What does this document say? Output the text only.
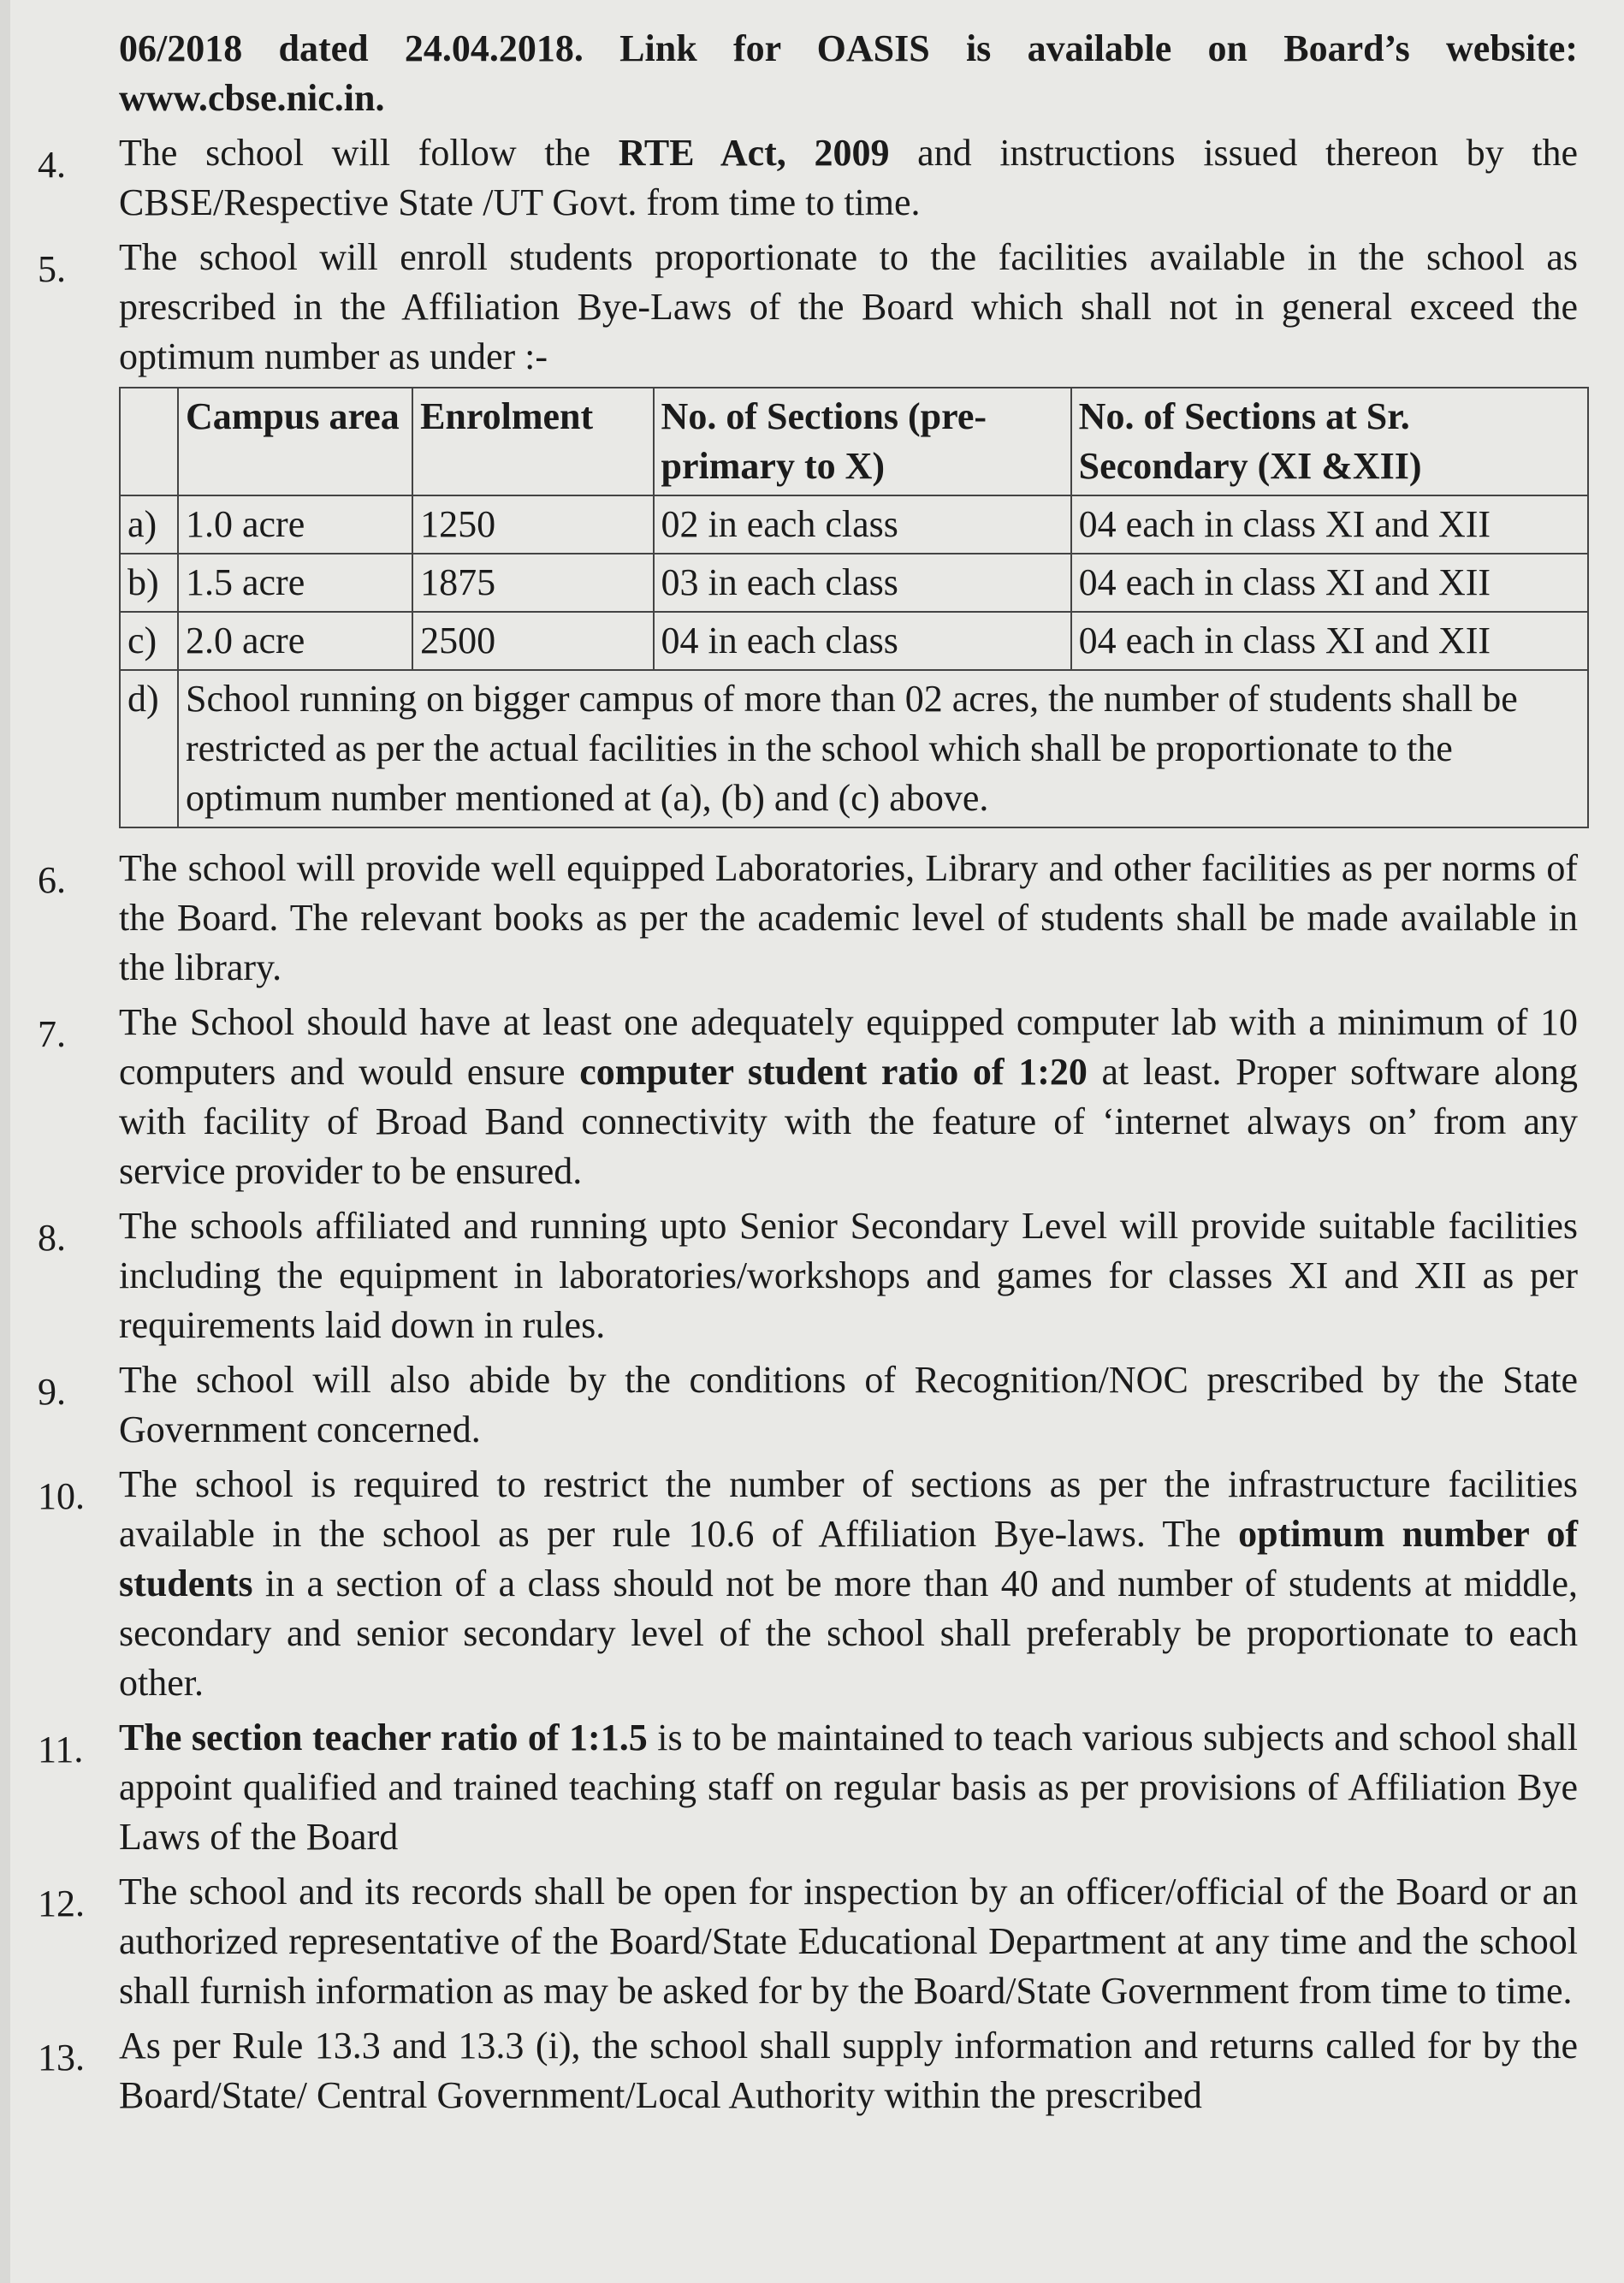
06/2018 dated 24.04.2018. Link for OASIS is available on Board’s website: www.cbse.nic.in.
4.	The school will follow the RTE Act, 2009 and instructions issued thereon by the CBSE/Respective State /UT Govt. from time to time.
5.	The school will enroll students proportionate to the facilities available in the school as prescribed in the Affiliation Bye-Laws of the Board which shall not in general exceed the optimum number as under :-
	Campus area	Enrolment	No. of Sections (pre-primary to X)	No. of Sections at Sr. Secondary (XI &XII)
a)	1.0 acre	1250	02 in each class	04 each in class XI and XII
b)	1.5 acre	1875	03 in each class	04 each in class XI and XII
c)	2.0 acre	2500	04 in each class	04 each in class XI and XII
d)	School running on bigger campus of more than 02 acres, the number of students shall be restricted as per the actual facilities in the school which shall be proportionate to the optimum number mentioned at (a), (b) and (c) above.			
6.	The school will provide well equipped Laboratories, Library and other facilities as per norms of the Board. The relevant books as per the academic level of students shall be made available in the library.
7.	The School should have at least one adequately equipped computer lab with a minimum of 10 computers and would ensure computer student ratio of 1:20 at least. Proper software along with facility of Broad Band connectivity with the feature of ‘internet always on’ from any service provider to be ensured.
8.	The schools affiliated and running upto Senior Secondary Level will provide suitable facilities including the equipment in laboratories/workshops and games for classes XI and XII as per requirements laid down in rules.
9.	The school will also abide by the conditions of Recognition/NOC prescribed by the State Government concerned.
10. The school is required to restrict the number of sections as per the infrastructure facilities available in the school as per rule 10.6 of Affiliation Bye-laws. The optimum number of students in a section of a class should not be more than 40 and number of students at middle, secondary and senior secondary level of the school shall preferably be proportionate to each other.
11. The section teacher ratio of 1:1.5 is to be maintained to teach various subjects and school shall appoint qualified and trained teaching staff on regular basis as per provisions of Affiliation Bye Laws of the Board
12. The school and its records shall be open for inspection by an officer/official of the Board or an authorized representative of the Board/State Educational Department at any time and the school shall furnish information as may be asked for by the Board/State Government from time to time.
13. As per Rule 13.3 and 13.3 (i), the school shall supply information and returns called for by the Board/State/ Central Government/Local Authority within the prescribed
